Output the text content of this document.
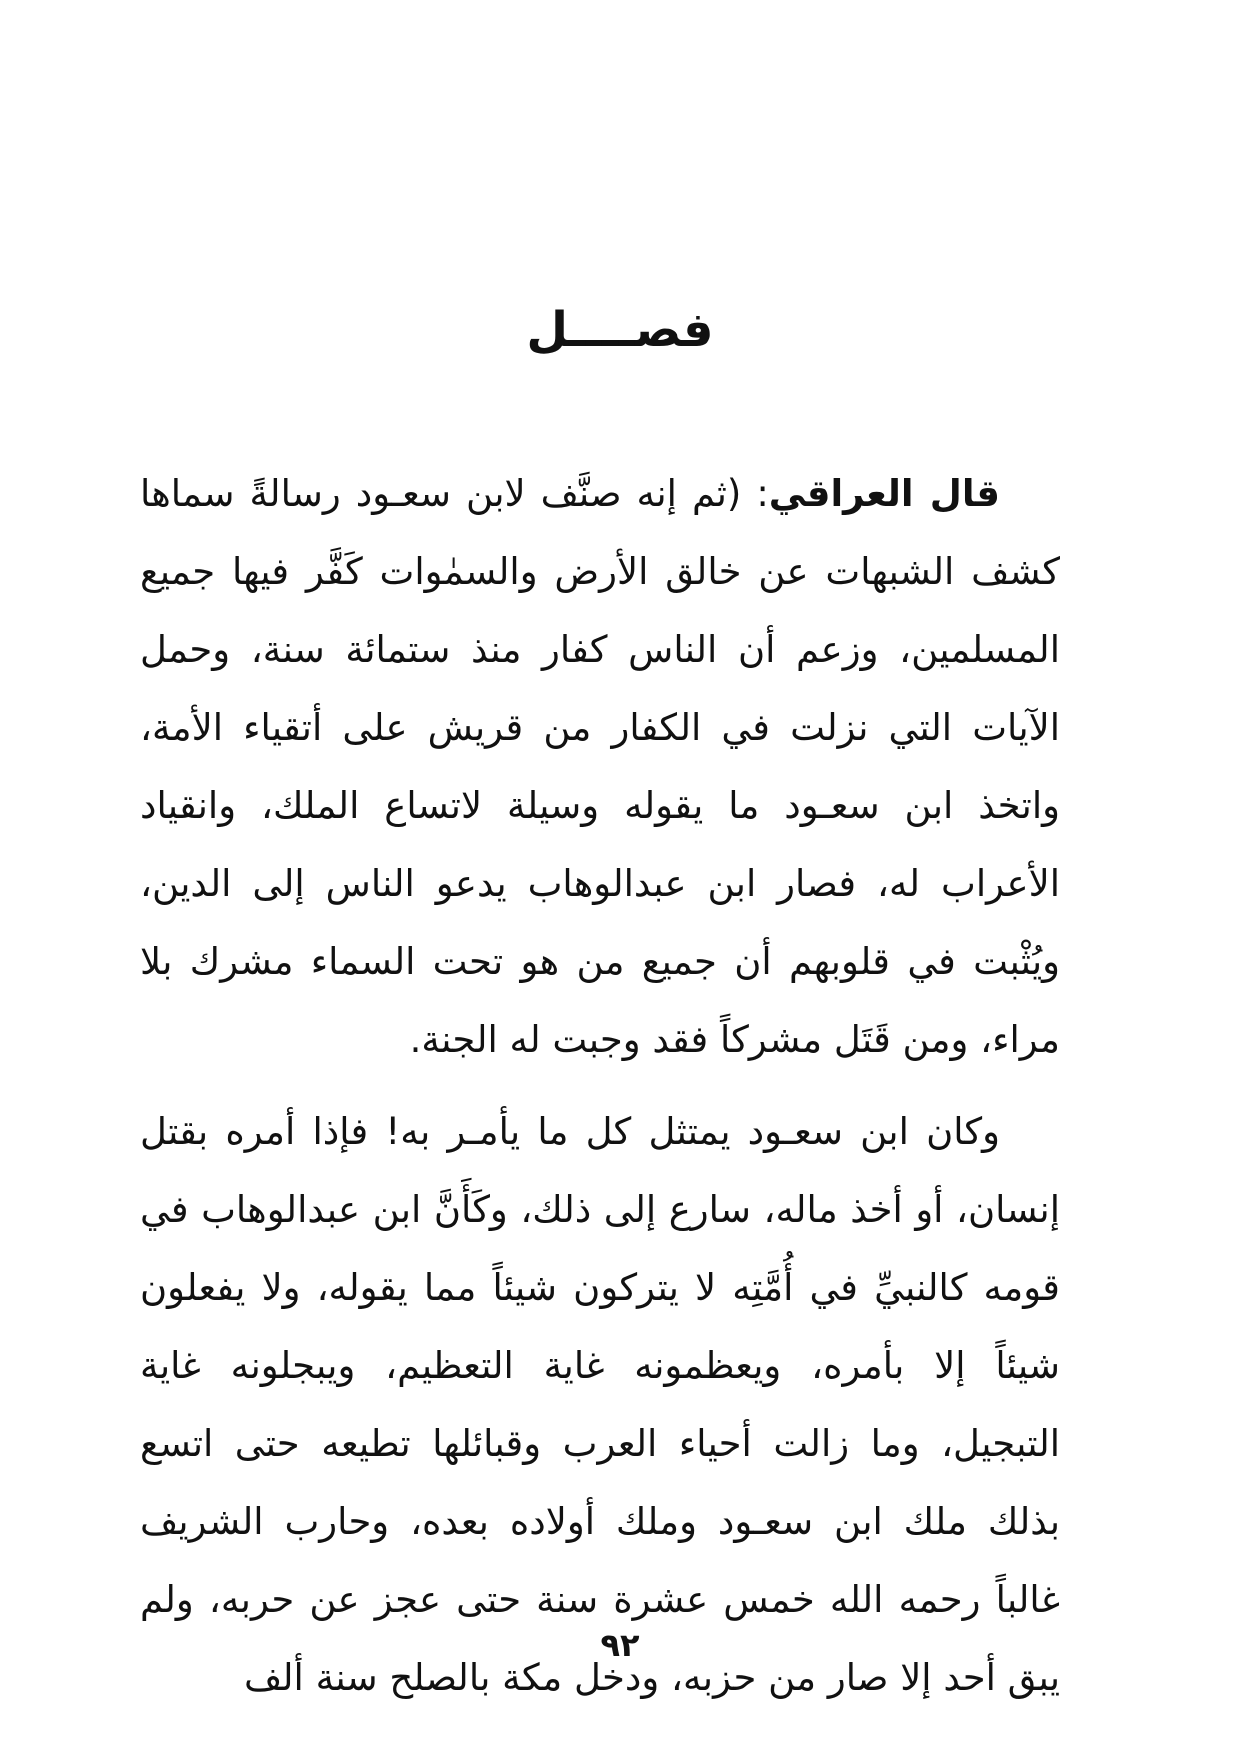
فصــــل

قال العراقي: (ثم إنه صنَّف لابن سعـود رسالةً سماها كشف الشبهات عن خالق الأرض والسمٰوات كَفَّر فيها جميع المسلمين، وزعم أن الناس كفار منذ ستمائة سنة، وحمل الآيات التي نزلت في الكفار من قريش على أتقياء الأمة، واتخذ ابن سعـود ما يقوله وسيلة لاتساع الملك، وانقياد الأعراب له، فصار ابن عبدالوهاب يدعو الناس إلى الدين، ويُثْبت في قلوبهم أن جميع من هو تحت السماء مشرك بلا مراء، ومن قَتَل مشركاً فقد وجبت له الجنة.

وكان ابن سعـود يمتثل كل ما يأمـر به! فإذا أمره بقتل إنسان، أو أخذ ماله، سارع إلى ذلك، وكَأَنَّ ابن عبدالوهاب في قومه كالنبيِّ في أُمَّتِه لا يتركون شيئاً مما يقوله، ولا يفعلون شيئاً إلا بأمره، ويعظمونه غاية التعظيم، ويبجلونه غاية التبجيل، وما زالت أحياء العرب وقبائلها تطيعه حتى اتسع بذلك ملك ابن سعـود وملك أولاده بعده، وحارب الشريف غالباً رحمه الله خمس عشرة سنة حتى عجز عن حربه، ولم يبق أحد إلا صار من حزبه، ودخل مكة بالصلح سنة ألف

٩٢
